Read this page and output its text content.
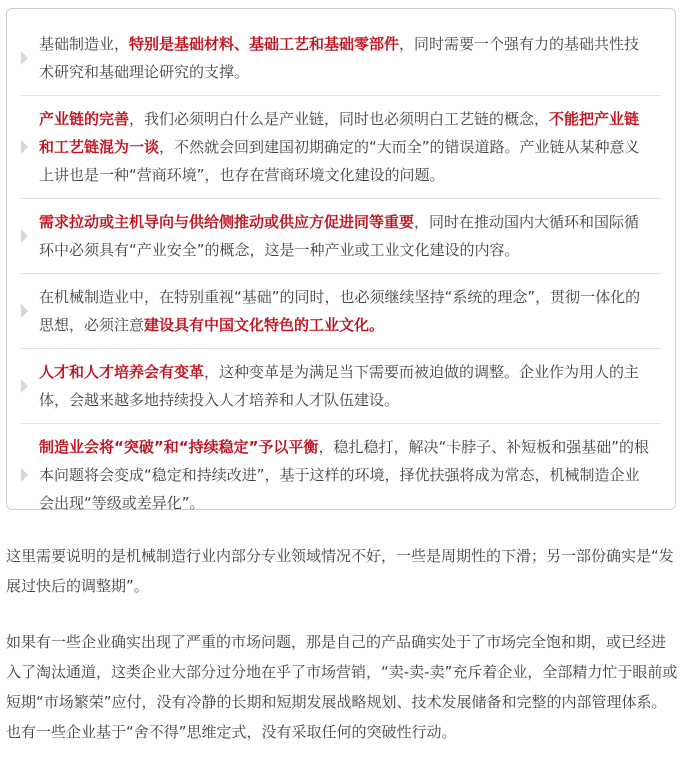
基础制造业，特别是基础材料、基础工艺和基础零部件，同时需要一个强有力的基础共性技术研究和基础理论研究的支撑。
产业链的完善，我们必须明白什么是产业链，同时也必须明白工艺链的概念，不能把产业链和工艺链混为一谈，不然就会回到建国初期确定的“大而全”的错误道路。产业链从某种意义上讲也是一种“营商环境”，也存在营商环境文化建设的问题。
需求拉动或主机导向与供给侧推动或供应方促进同等重要，同时在推动国内大循环和国际循环中必须具有“产业安全”的概念，这是一种产业或工业文化建设的内容。
在机械制造业中，在特别重视“基础”的同时，也必须继续坚持“系统的理念”，贯彻一体化的思想，必须注意建设具有中国文化特色的工业文化。
人才和人才培养会有变革，这种变革是为满足当下需要而被迫做的调整。企业作为用人的主体，会越来越多地持续投入人才培养和人才队伍建设。
制造业会将“突破”和“持续稳定”予以平衡，稳扎稳打，解决“卡脖子、补短板和强基础”的根本问题将会变成“稳定和持续改进”，基于这样的环境，择优扶强将成为常态，机械制造企业会出现“等级或差异化”。

这里需要说明的是机械制造行业内部分专业领域情况不好，一些是周期性的下滑；另一部份确实是“发展过快后的调整期”。

如果有一些企业确实出现了严重的市场问题，那是自己的产品确实处于了市场完全饱和期，或已经进入了淘汰通道，这类企业大部分过分地在乎了市场营销，“卖-卖-卖”充斥着企业，全部精力忙于眼前或短期“市场繁荣”应付，没有冷静的长期和短期发展战略规划、技术发展储备和完整的内部管理体系。也有一些企业基于“舍不得”思维定式，没有采取任何的突破性行动。
